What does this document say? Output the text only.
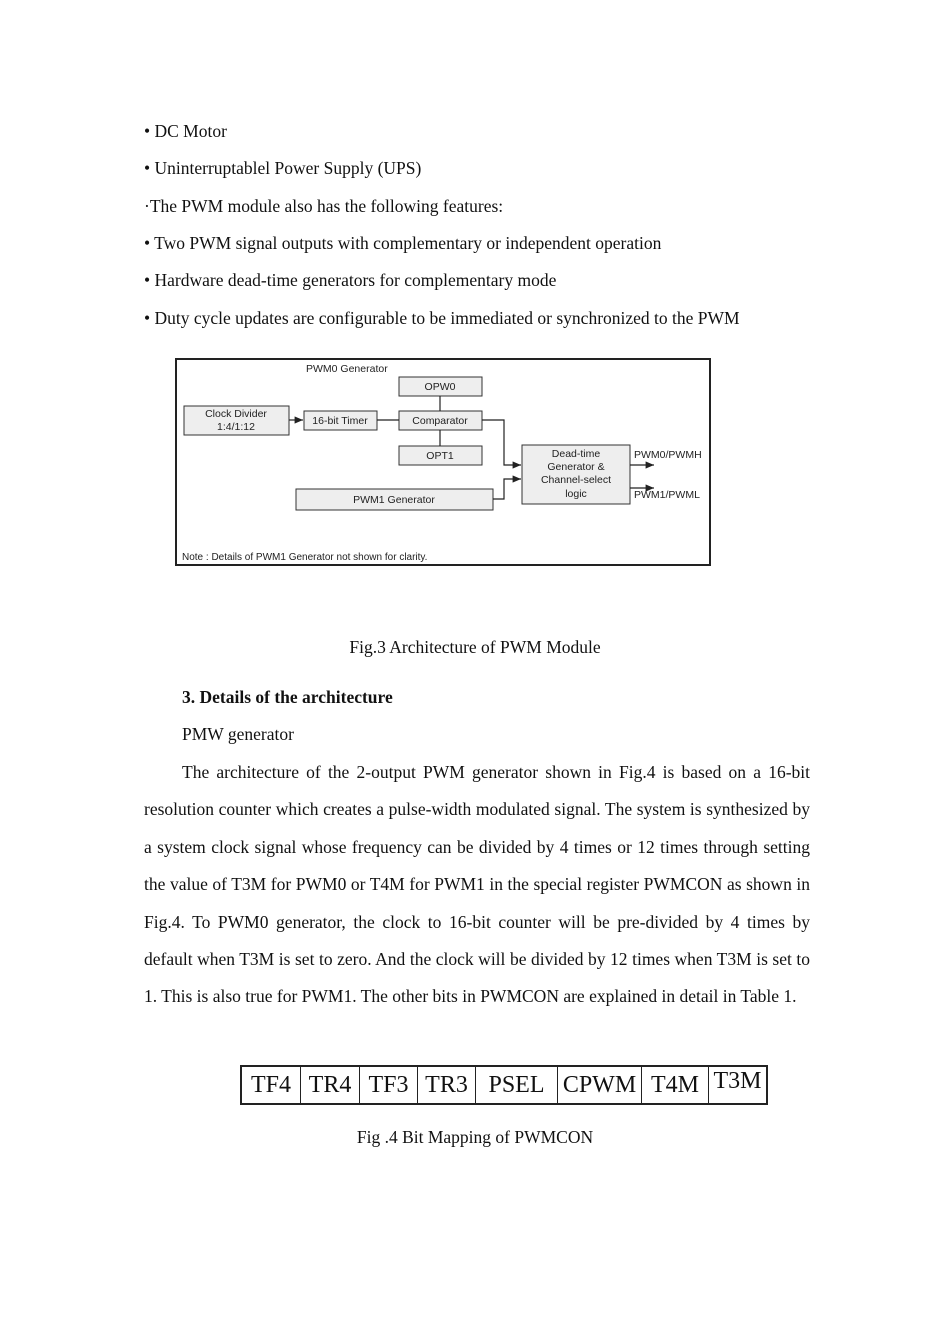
• DC Motor
• Uninterruptablel Power Supply (UPS)
·The PWM module also has the following features:
• Two PWM signal outputs with complementary or independent operation
• Hardware dead-time generators for complementary mode
• Duty cycle updates are configurable to be immediated or synchronized to the PWM
PWM0 Generator
Clock Divider
1:4/1:12	16-bit Timer
OPW0
Comparator
OPT1
PWM1 Generator
Dead-time
Generator &
Channel-select
logic
PWM0/PWMH
PWM1/PWML
Note : Details of PWM1 Generator not shown for clarity.
Fig.3 Architecture of PWM Module
3. Details of the architecture
PMW generator
The architecture of the 2-output PWM generator shown in Fig.4 is based on a 16-bit resolution counter which creates a pulse-width modulated signal. The system is synthesized by a system clock signal whose frequency can be divided by 4 times or 12 times through setting the value of T3M for PWM0 or T4M for PWM1 in the special register PWMCON as shown in Fig.4. To PWM0 generator, the clock to 16-bit counter will be pre-divided by 4 times by default when T3M is set to zero. And the clock will be divided by 12 times when T3M is set to 1. This is also true for PWM1. The other bits in PWMCON are explained in detail in Table 1.
TF4 TR4 TF3 TR3 PSEL CPWM T4M T3M
Fig .4 Bit Mapping of PWMCON
